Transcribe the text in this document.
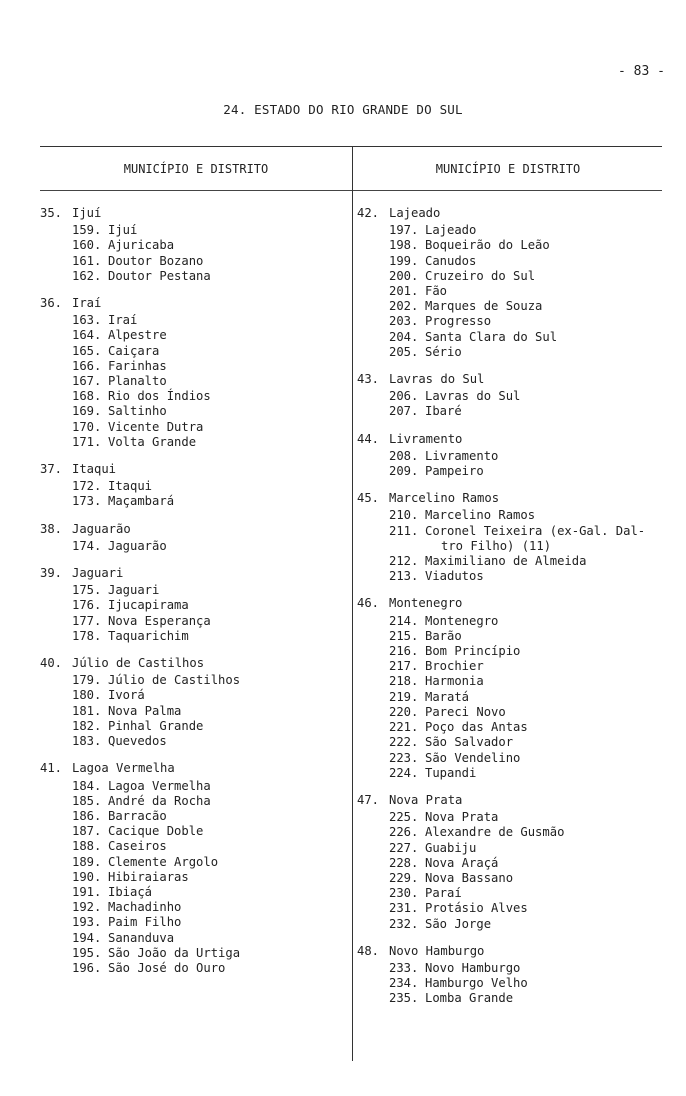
- 83 -
24. ESTADO DO RIO GRANDE DO SUL
MUNICÍPIO E DISTRITO	MUNICÍPIO E DISTRITO
35. Ijuí
159. Ijuí
160. Ajuricaba
161. Doutor Bozano
162. Doutor Pestana
36. Iraí
163. Iraí
164. Alpestre
165. Caiçara
166. Farinhas
167. Planalto
168. Rio dos Índios
169. Saltinho
170. Vicente Dutra
171. Volta Grande
37. Itaqui
172. Itaqui
173. Maçambará
38. Jaguarão
174. Jaguarão
39. Jaguari
175. Jaguari
176. Ijucapirama
177. Nova Esperança
178. Taquarichim
40. Júlio de Castilhos
179. Júlio de Castilhos
180. Ivorá
181. Nova Palma
182. Pinhal Grande
183. Quevedos
41. Lagoa Vermelha
184. Lagoa Vermelha
185. André da Rocha
186. Barracão
187. Cacique Doble
188. Caseiros
189. Clemente Argolo
190. Hibiraiaras
191. Ibiaçá
192. Machadinho
193. Paim Filho
194. Sananduva
195. São João da Urtiga
196. São José do Ouro
42. Lajeado
197. Lajeado
198. Boqueirão do Leão
199. Canudos
200. Cruzeiro do Sul
201. Fão
202. Marques de Souza
203. Progresso
204. Santa Clara do Sul
205. Sério
43. Lavras do Sul
206. Lavras do Sul
207. Ibaré
44. Livramento
208. Livramento
209. Pampeiro
45. Marcelino Ramos
210. Marcelino Ramos
211. Coronel Teixeira (ex-Gal. Dal-
tro Filho) (11)
212. Maximiliano de Almeida
213. Viadutos
46. Montenegro
214. Montenegro
215. Barão
216. Bom Princípio
217. Brochier
218. Harmonia
219. Maratá
220. Pareci Novo
221. Poço das Antas
222. São Salvador
223. São Vendelino
224. Tupandi
47. Nova Prata
225. Nova Prata
226. Alexandre de Gusmão
227. Guabiju
228. Nova Araçá
229. Nova Bassano
230. Paraí
231. Protásio Alves
232. São Jorge
48. Novo Hamburgo
233. Novo Hamburgo
234. Hamburgo Velho
235. Lomba Grande
